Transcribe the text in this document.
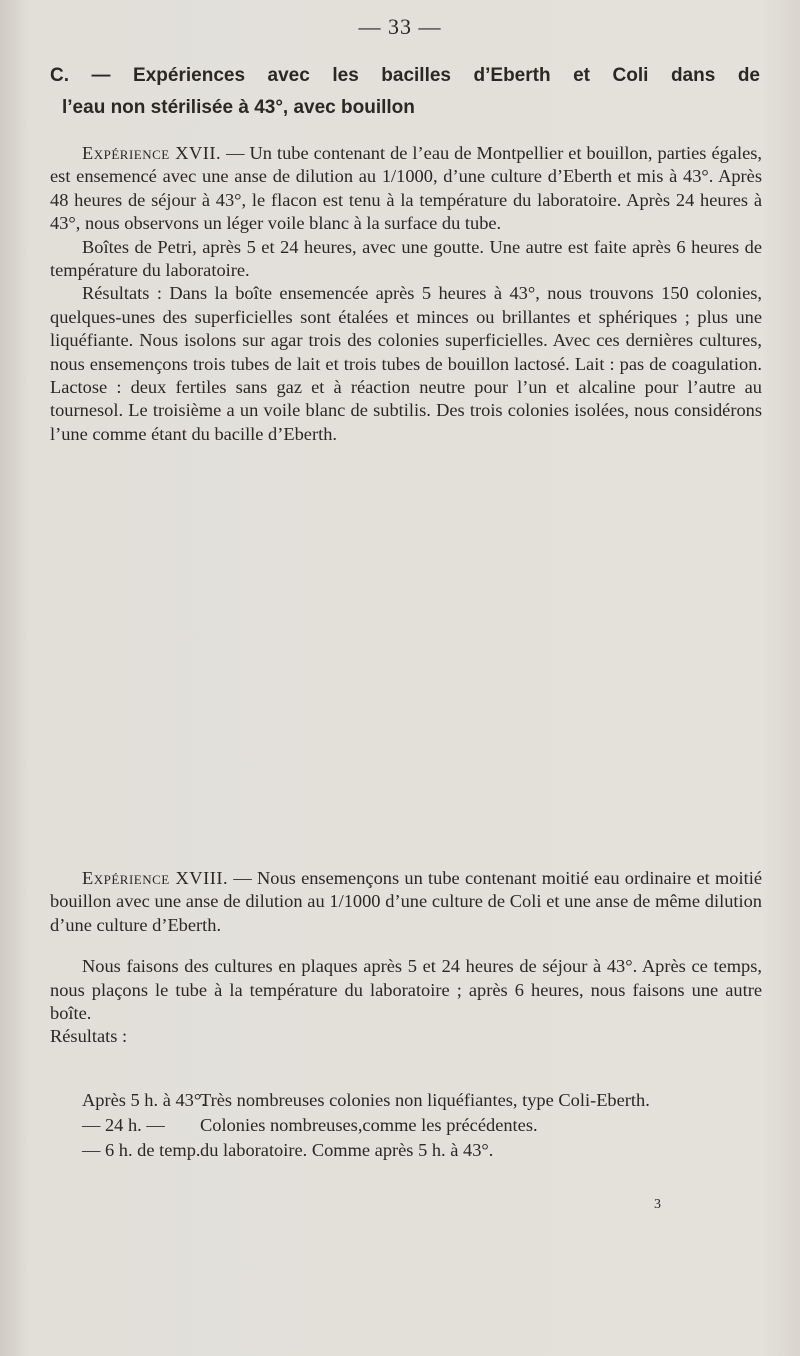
— 33 —
C. — Expériences avec les bacilles d’Eberth et Coli dans de
l’eau non stérilisée à 43°, avec bouillon

Expérience XVII. — Un tube contenant de l’eau de Montpellier et bouillon, parties égales, est ensemencé avec une anse de dilution au 1/1000, d’une culture d’Eberth et mis à 43°. Après 48 heures de séjour à 43°, le flacon est tenu à la température du laboratoire. Après 24 heures à 43°, nous observons un léger voile blanc à la surface du tube.

Boîtes de Petri, après 5 et 24 heures, avec une goutte. Une autre est faite après 6 heures de température du laboratoire.

Résultats : Dans la boîte ensemencée après 5 heures à 43°, nous trouvons 150 colonies, quelques-unes des superficielles sont étalées et minces ou brillantes et sphériques ; plus une liquéfiante. Nous isolons sur agar trois des colonies superficielles. Avec ces dernières cultures, nous ensemençons trois tubes de lait et trois tubes de bouillon lactosé. Lait : pas de coagulation. Lactose : deux fertiles sans gaz et à réaction neutre pour l’un et alcaline pour l’autre au tournesol. Le troisième a un voile blanc de subtilis. Des trois colonies isolées, nous considérons l’une comme étant du bacille d’Eberth.

Expérience XVIII. — Nous ensemençons un tube contenant moitié eau ordinaire et moitié bouillon avec une anse de dilution au 1/1000 d’une culture de Coli et une anse de même dilution d’une culture d’Eberth.

Nous faisons des cultures en plaques après 5 et 24 heures de séjour à 43°. Après ce temps, nous plaçons le tube à la température du laboratoire ; après 6 heures, nous faisons une autre boîte.

Résultats :

Après 5 h. à 43°.
Très nombreuses colonies non liquéfiantes, type Coli-Eberth.
— 24 h. —	Colonies nombreuses,comme les précédentes.
— 6 h. de temp. du laboratoire. Comme après 5 h. à 43°.
3
